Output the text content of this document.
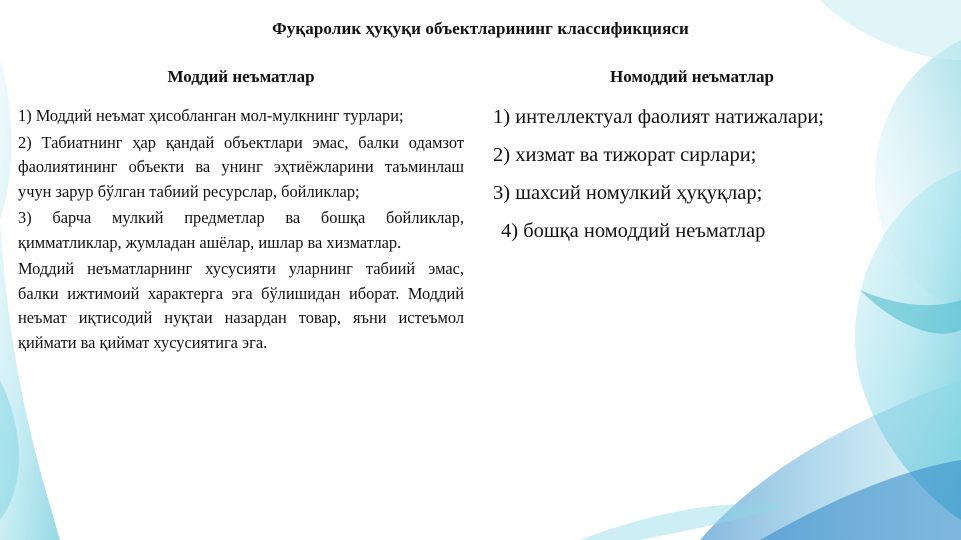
Фуқаролик ҳуқуқи объектларининг классификцияси
Моддий неъматлар	Номоддий неъматлар

1) Моддий неъмат ҳисобланган мол-мулкнинг турлари;

2) Табиатнинг ҳар қандай объектлари эмас, балки одамзот фаолиятининг объекти ва унинг эҳтиёжларини таъминлаш учун зарур бўлган табиий ресурслар, бойликлар;

3) барча мулкий предметлар ва бошқа бойликлар, қимматликлар, жумладан ашёлар, ишлар ва хизматлар.

Моддий неъматларнинг хусусияти уларнинг табиий эмас, балки ижтимоий характерга эга бўлишидан иборат. Моддий неъмат иқтисодий нуқтаи назардан товар, яъни истеъмол қиймати ва қиймат хусусиятига эга.

1) интеллектуал фаолият натижалари;

2) хизмат ва тижорат сирлари;

3) шахсий номулкий ҳуқуқлар;

4) бошқа номоддий неъматлар
